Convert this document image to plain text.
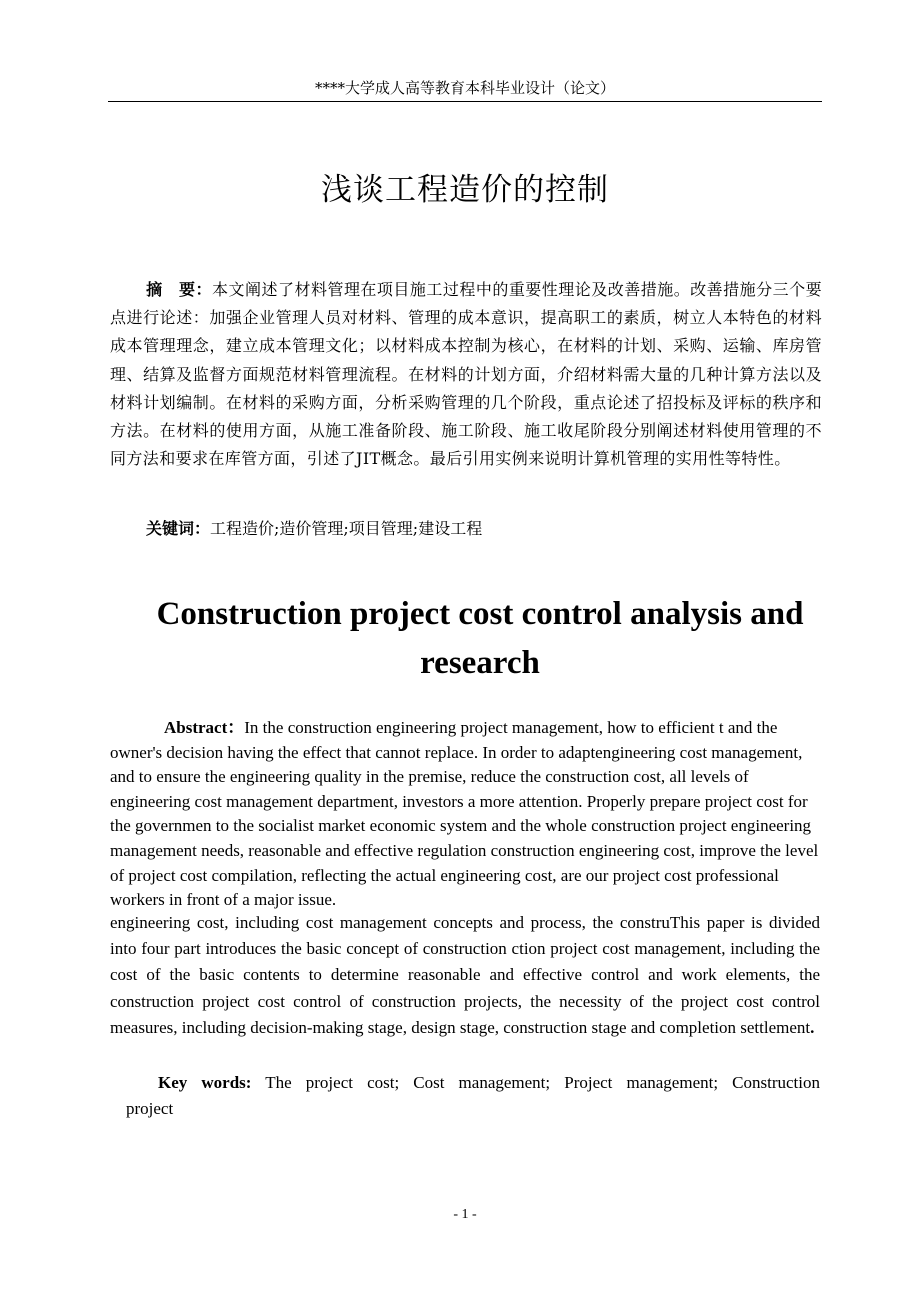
****大学成人高等教育本科毕业设计（论文）
浅谈工程造价的控制
摘　要：本文阐述了材料管理在项目施工过程中的重要性理论及改善措施。改善措施分三个要点进行论述：加强企业管理人员对材料、管理的成本意识，提高职工的素质，树立人本特色的材料成本管理理念，建立成本管理文化；以材料成本控制为核心，在材料的计划、采购、运输、库房管理、结算及监督方面规范材料管理流程。在材料的计划方面，介绍材料需大量的几种计算方法以及材料计划编制。在材料的采购方面，分析采购管理的几个阶段，重点论述了招投标及评标的秩序和方法。在材料的使用方面，从施工准备阶段、施工阶段、施工收尾阶段分别阐述材料使用管理的不同方法和要求在库管方面，引述了JIT概念。最后引用实例来说明计算机管理的实用性等特性。
关键词：工程造价;造价管理;项目管理;建设工程
Construction project cost control analysis and research
Abstract：In the construction engineering project management, how to efficient t and the owner's decision having the effect that cannot replace. In order to adaptengineering cost management, and to ensure the engineering quality in the premise, reduce the construction cost, all levels of engineering cost management department, investors a more attention. Properly prepare project cost for the governmen to the socialist market economic system and the whole construction project engineering management needs, reasonable and effective regulation construction engineering cost, improve the level of project cost compilation, reflecting the actual engineering cost, are our project cost professional workers in front of a major issue.
engineering cost, including cost management concepts and process, the construThis paper is divided into four part introduces the basic concept of construction ction project cost management, including the cost of the basic contents to determine reasonable and effective control and work elements, the construction project cost control of construction projects, the necessity of the project cost control measures, including decision-making stage, design stage, construction stage and completion settlement.
Key words: The project cost; Cost management; Project management; Construction
project
- 1 -
